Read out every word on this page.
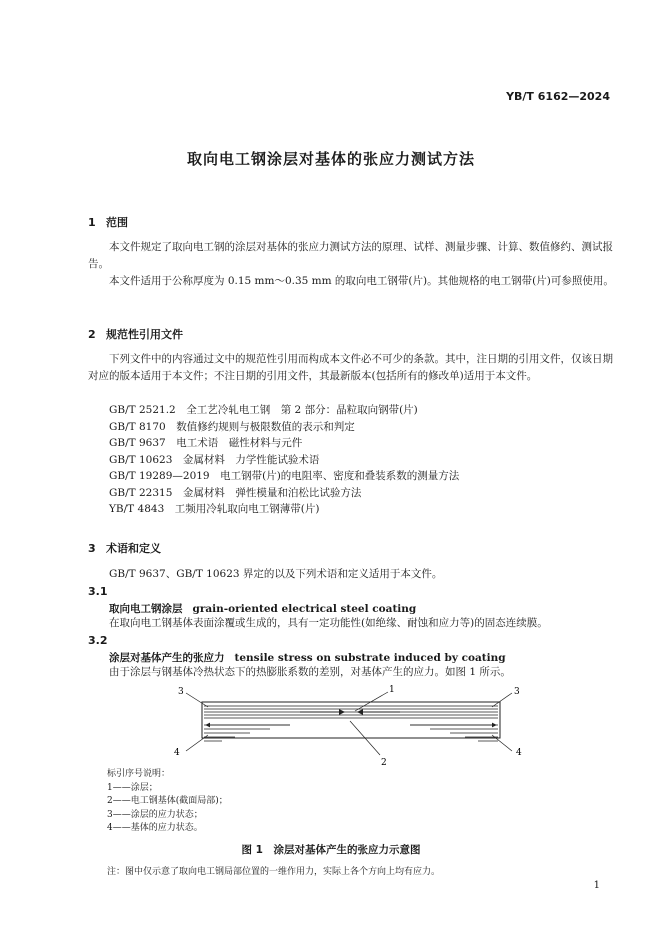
YB/T 6162—2024
取向电工钢涂层对基体的张应力测试方法
1 范围
本文件规定了取向电工钢的涂层对基体的张应力测试方法的原理、试样、测量步骤、计算、数值修约、测试报告。
本文件适用于公称厚度为 0.15 mm～0.35 mm 的取向电工钢带(片)。其他规格的电工钢带(片)可参照使用。
2 规范性引用文件
下列文件中的内容通过文中的规范性引用而构成本文件必不可少的条款。其中，注日期的引用文件，仅该日期对应的版本适用于本文件；不注日期的引用文件，其最新版本(包括所有的修改单)适用于本文件。
GB/T 2521.2　全工艺冷轧电工钢　第 2 部分：晶粒取向钢带(片)
GB/T 8170　数值修约规则与极限数值的表示和判定
GB/T 9637　电工术语　磁性材料与元件
GB/T 10623　金属材料　力学性能试验术语
GB/T 19289—2019　电工钢带(片)的电阻率、密度和叠装系数的测量方法
GB/T 22315　金属材料　弹性模量和泊松比试验方法
YB/T 4843　工频用冷轧取向电工钢薄带(片)
3 术语和定义
GB/T 9637、GB/T 10623 界定的以及下列术语和定义适用于本文件。
3.1
取向电工钢涂层 grain-oriented electrical steel coating
在取向电工钢基体表面涂覆或生成的，具有一定功能性(如绝缘、耐蚀和应力等)的固态连续膜。
3.2
涂层对基体产生的张应力 tensile stress on substrate induced by coating
由于涂层与钢基体冷热状态下的热膨胀系数的差别，对基体产生的应力。如图 1 所示。
1
3	3
4	4
2
标引序号说明：
1——涂层；
2——电工钢基体(截面局部)；
3——涂层的应力状态；
4——基体的应力状态。
图 1　涂层对基体产生的张应力示意图
注：图中仅示意了取向电工钢局部位置的一维作用力，实际上各个方向上均有应力。
1
